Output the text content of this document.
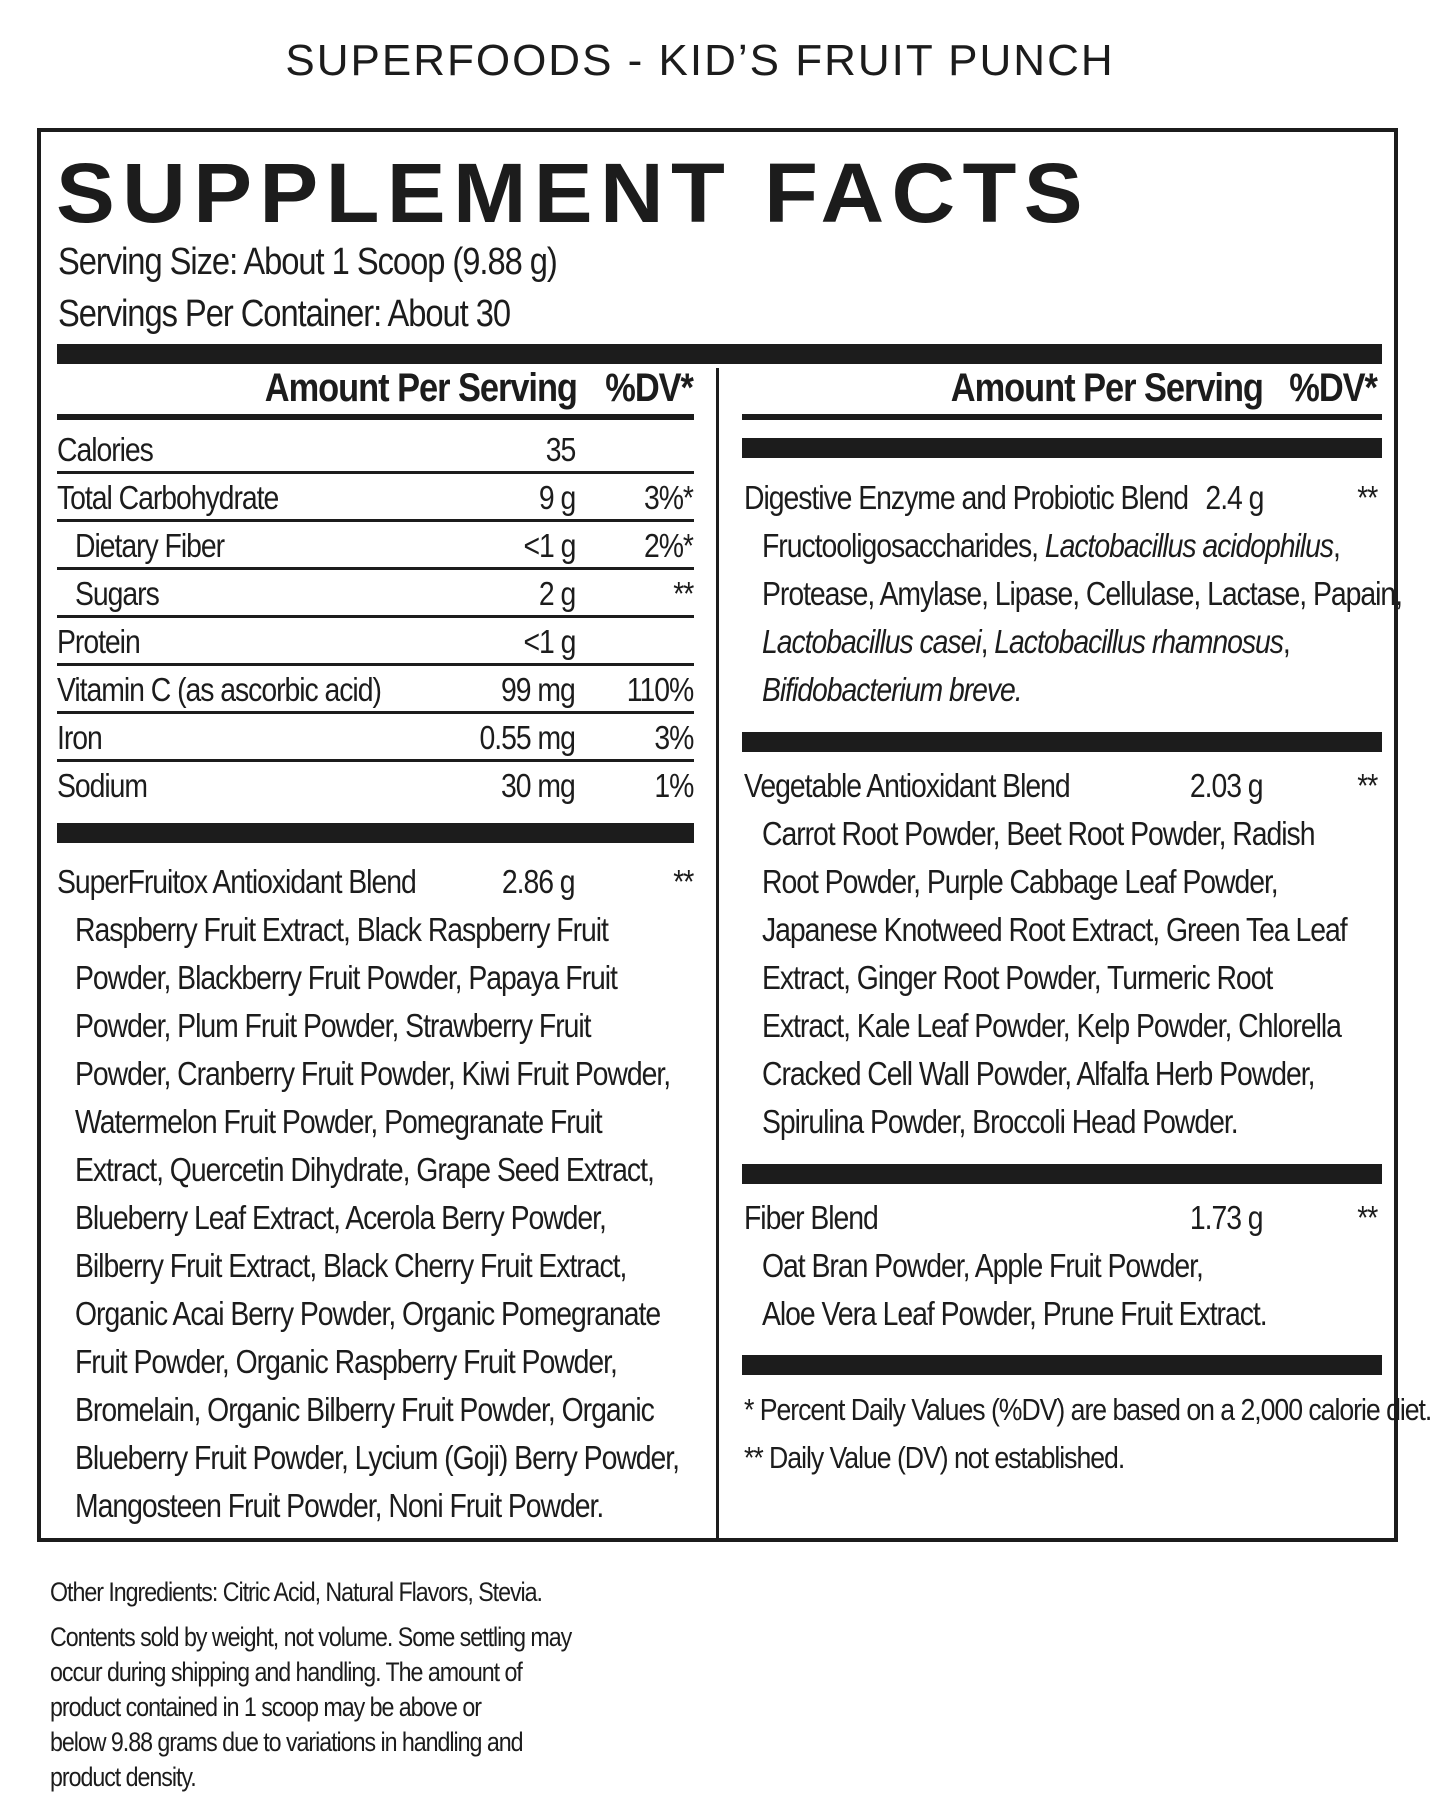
SUPERFOODS - KID’S FRUIT PUNCH
SUPPLEMENT FACTS
Serving Size: About 1 Scoop (9.88 g)
Servings Per Container: About 30
Amount Per Serving %DV*	Amount Per Serving %DV*
Calories	35
Total Carbohydrate	9 g 3%*
Dietary Fiber	<1 g 2%*
Sugars	2 g	**
Protein	<1 g
Vitamin C (as ascorbic acid)	99 mg 110%
Iron	0.55 mg 3%
Sodium	30 mg 1%
SuperFruitox Antioxidant Blend	2.86 g	**
Raspberry Fruit Extract, Black Raspberry Fruit
Powder, Blackberry Fruit Powder, Papaya Fruit
Powder, Plum Fruit Powder, Strawberry Fruit
Powder, Cranberry Fruit Powder, Kiwi Fruit Powder,
Watermelon Fruit Powder, Pomegranate Fruit
Extract, Quercetin Dihydrate, Grape Seed Extract,
Blueberry Leaf Extract, Acerola Berry Powder,
Bilberry Fruit Extract, Black Cherry Fruit Extract,
Organic Acai Berry Powder, Organic Pomegranate
Fruit Powder, Organic Raspberry Fruit Powder,
Bromelain, Organic Bilberry Fruit Powder, Organic
Blueberry Fruit Powder, Lycium (Goji) Berry Powder,
Mangosteen Fruit Powder, Noni Fruit Powder.
Digestive Enzyme and Probiotic Blend 2.4 g	**
Fructooligosaccharides, Lactobacillus acidophilus,
Protease, Amylase, Lipase, Cellulase, Lactase, Papain,
Lactobacillus casei, Lactobacillus rhamnosus,
Bifidobacterium breve.
Vegetable Antioxidant Blend	2.03 g	**
Carrot Root Powder, Beet Root Powder, Radish
Root Powder, Purple Cabbage Leaf Powder,
Japanese Knotweed Root Extract, Green Tea Leaf
Extract, Ginger Root Powder, Turmeric Root
Extract, Kale Leaf Powder, Kelp Powder, Chlorella
Cracked Cell Wall Powder, Alfalfa Herb Powder,
Spirulina Powder, Broccoli Head Powder.
Fiber Blend	1.73 g	**
Oat Bran Powder, Apple Fruit Powder,
Aloe Vera Leaf Powder, Prune Fruit Extract.
* Percent Daily Values (%DV) are based on a 2,000 calorie diet.
** Daily Value (DV) not established.
Other Ingredients: Citric Acid, Natural Flavors, Stevia.
Contents sold by weight, not volume. Some settling may
occur during shipping and handling. The amount of
product contained in 1 scoop may be above or
below 9.88 grams due to variations in handling and
product density.
